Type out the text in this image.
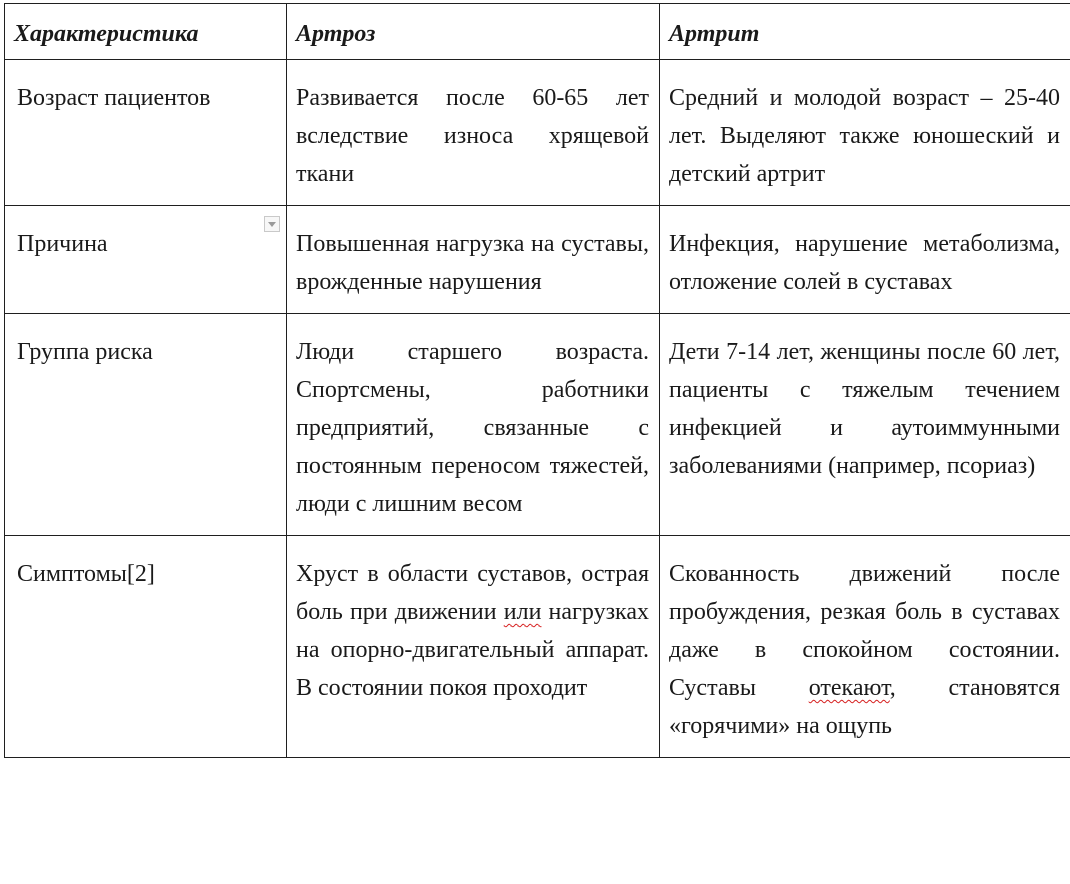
Характеристика	Артроз	Артрит
Возраст пациентов	Развивается после 60-65 лет вследствие износа хрящевой ткани	Средний и молодой возраст – 25-40 лет. Выделяют также юношеский и детский артрит
Причина	Повышенная нагрузка на суставы, врожденные нарушения	Инфекция, нарушение метаболизма, отложение солей в суставах
Группа риска	Люди старшего возраста. Спортсмены, работники предприятий, связанные с постоянным переносом тяжестей, люди с лишним весом	Дети 7-14 лет, женщины после 60 лет, пациенты с тяжелым течением инфекцией и аутоиммунными заболеваниями (например, псориаз)
Симптомы[2]	Хруст в области суставов, острая боль при движении или нагрузках на опорно-двигательный аппарат. В состоянии покоя проходит	Скованность движений после пробуждения, резкая боль в суставах даже в спокойном состоянии. Суставы отекают, становятся «горячими» на ощупь
